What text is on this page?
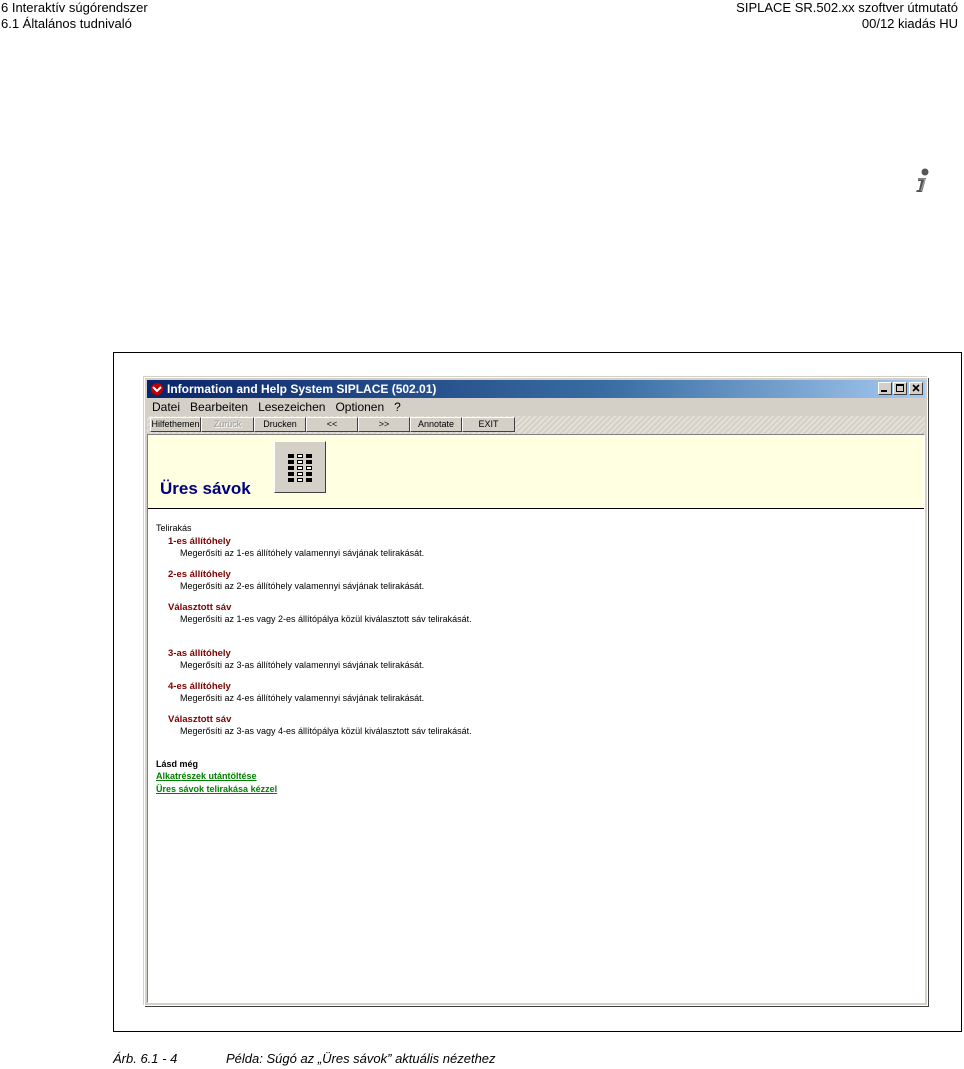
6 Interaktív súgórendszer
6.1 Általános tudnivaló
SIPLACE SR.502.xx szoftver útmutató
00/12 kiadás HU
Information and Help System SIPLACE (502.01)
Datei Bearbeiten Lesezeichen Optionen ?
Hilfethemen	Zurück	Drucken	<<	>>	Annotate	EXIT
Üres sávok
Telirakás
1-es állítóhely
Megerősíti az 1-es állítóhely valamennyi sávjának telirakását.
2-es állítóhely
Megerősíti az 2-es állítóhely valamennyi sávjának telirakását.
Választott sáv
Megerősíti az 1-es vagy 2-es állítópálya közül kiválasztott sáv telirakását.
3-as állítóhely
Megerősíti az 3-as állítóhely valamennyi sávjának telirakását.
4-es állítóhely
Megerősíti az 4-es állítóhely valamennyi sávjának telirakását.
Választott sáv
Megerősíti az 3-as vagy 4-es állítópálya közül kiválasztott sáv telirakását.
Lásd még
Alkatrészek utántöltése
Üres sávok telirakása kézzel
Árb. 6.1 - 4	Példa: Súgó az „Üres sávok” aktuális nézethez
